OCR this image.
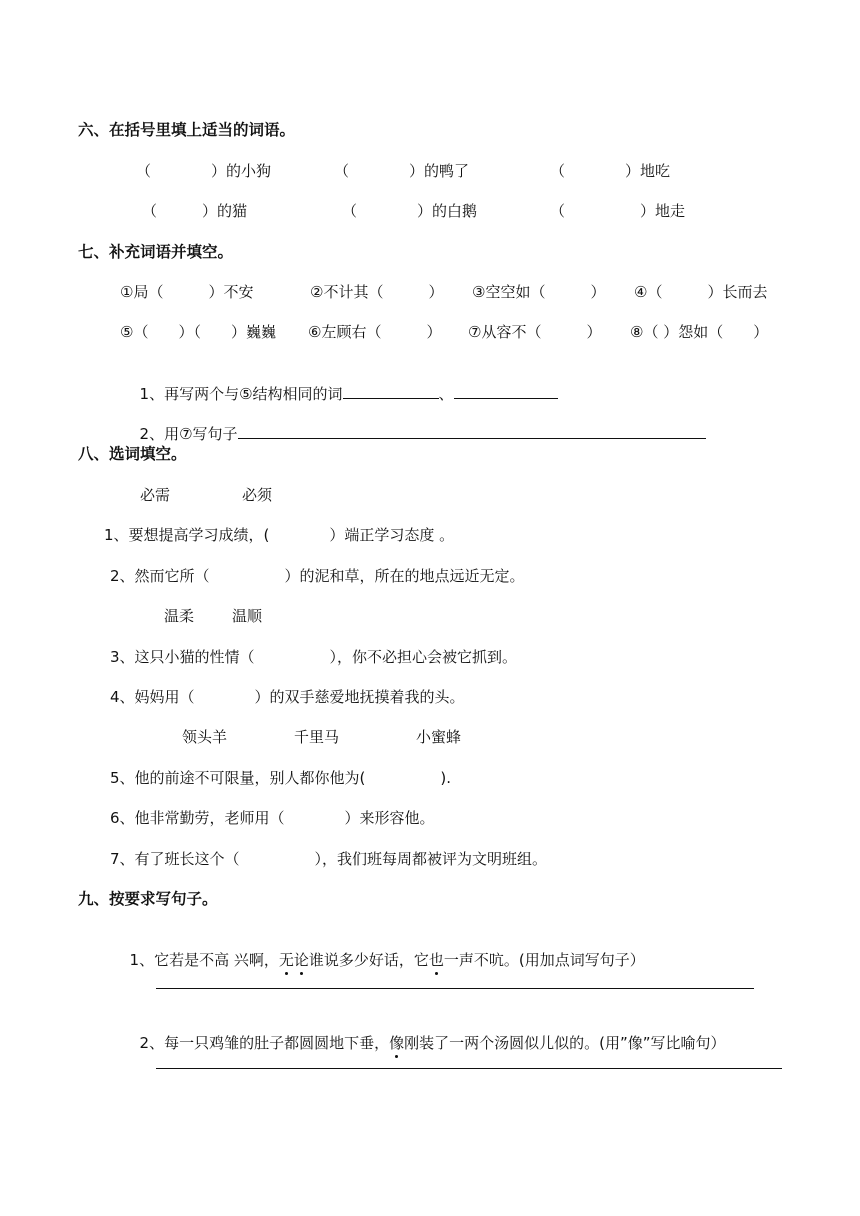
六、在括号里填上适当的词语。
（　　　　）的小狗	（　　　　）的鸭了	（　　　　）地吃
（　　　）的猫	（　　　　）的白鹅	（　　　　　）地走
七、补充词语并填空。
①局（　　　）不安	②不计其（　　　） ③空空如（　　　） ④（　　　）长而去
⑤（　　）（　　）巍巍 ⑥左顾右（　　　） ⑦从容不（　　　） ⑧（ ）怨如（　　）

1、再写两个与⑤结构相同的词	、

2、用⑦写句子

八、选词填空。
必需	必须
1、要想提高学习成绩，(　　　　）端正学习态度 。
2、然而它所（　　　　　）的泥和草，所在的地点远近无定。
温柔	温顺
3、这只小猫的性情（　　　　　），你不必担心会被它抓到。
4、妈妈用（　　　　）的双手慈爱地抚摸着我的头。
领头羊	千里马	小蜜蜂
5、他的前途不可限量，别人都你他为(　　　　　).
6、他非常勤劳，老师用（　　　　）来形容他。
7、有了班长这个（　　　　　），我们班每周都被评为文明班组。
九、按要求写句子。

1、它若是不高 兴啊，无论谁说多少好话，它也一声不吭。(用加点词写句子）

2、每一只鸡雏的肚子都圆圆地下垂，像刚装了一两个汤圆似儿似的。(用”像”写比喻句）
